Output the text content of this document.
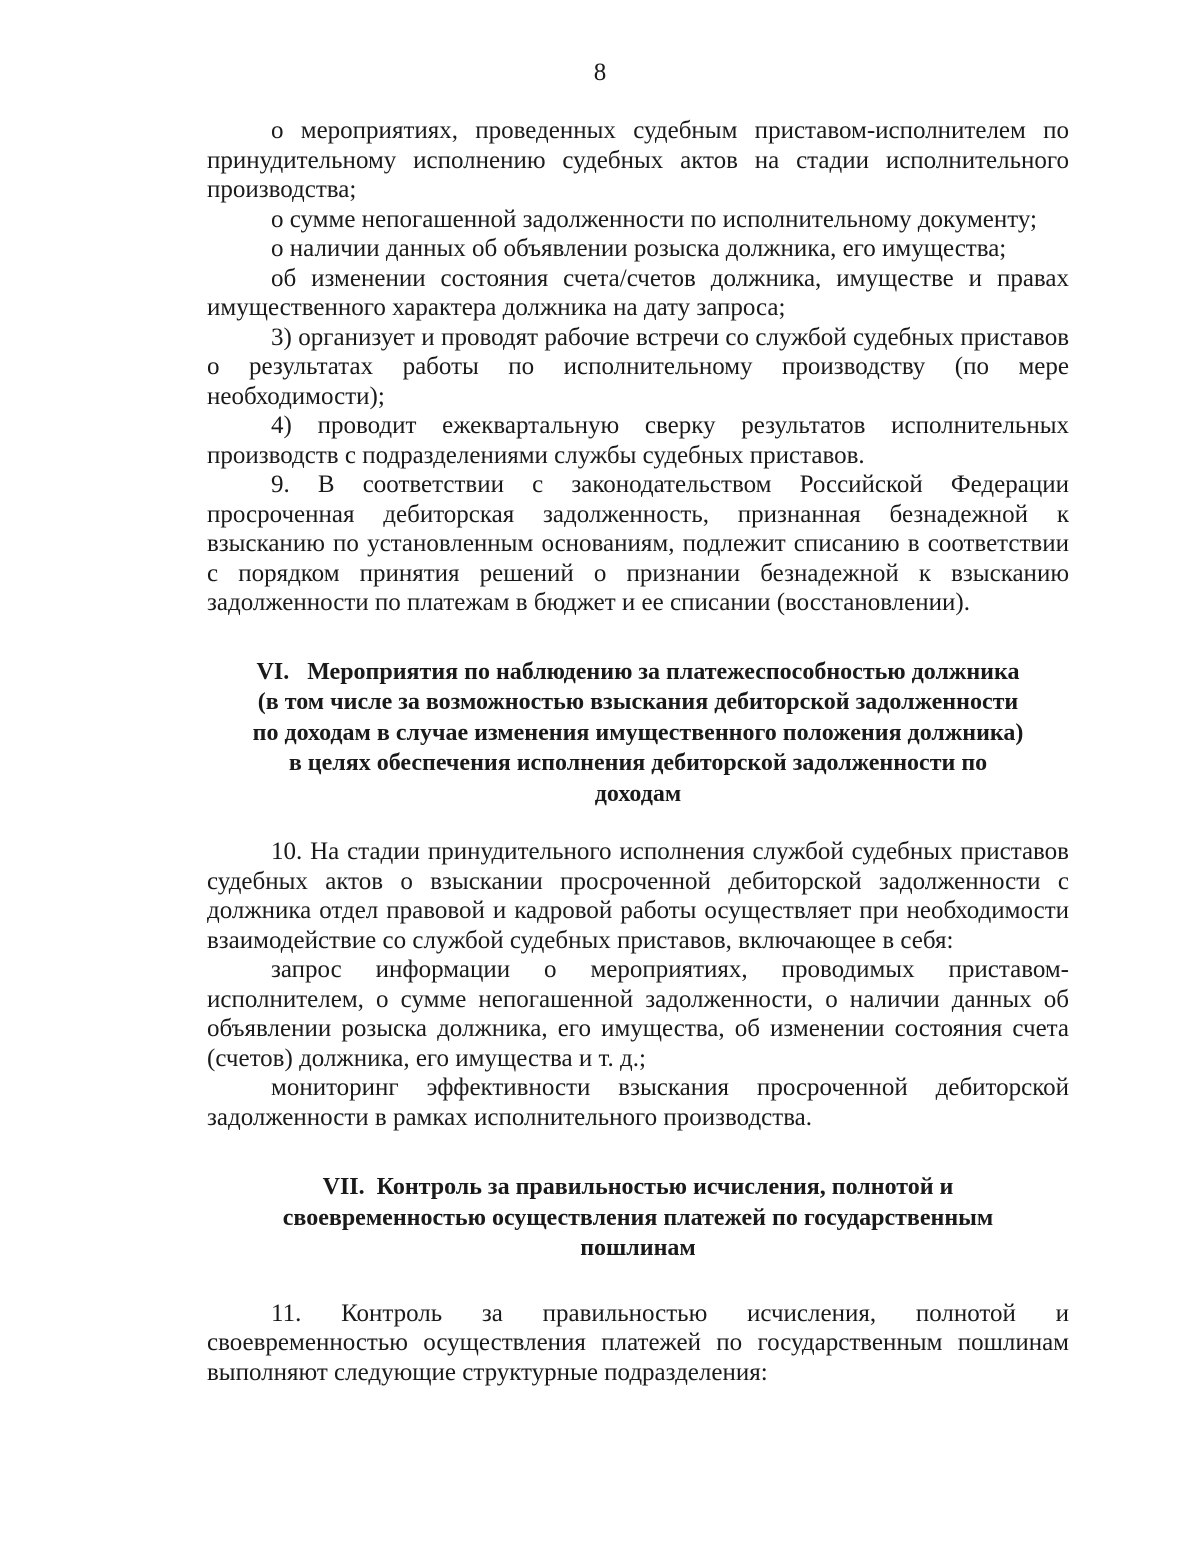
8

о мероприятиях, проведенных судебным приставом-исполнителем по принудительному исполнению судебных актов на стадии исполнительного производства;

о сумме непогашенной задолженности по исполнительному документу;

о наличии данных об объявлении розыска должника, его имущества;

об изменении состояния счета/счетов должника, имуществе и правах имущественного характера должника на дату запроса;

3) организует и проводят рабочие встречи со службой судебных приставов о результатах работы по исполнительному производству (по мере необходимости);

4) проводит ежеквартальную сверку результатов исполнительных производств с подразделениями службы судебных приставов.

9. В соответствии с законодательством Российской Федерации просроченная дебиторская задолженность, признанная безнадежной к взысканию по установленным основаниям, подлежит списанию в соответствии с порядком принятия решений о признании безнадежной к взысканию задолженности по платежам в бюджет и ее списании (восстановлении).

VI.   Мероприятия по наблюдению за платежеспособностью должника (в том числе за возможностью взыскания дебиторской задолженности по доходам в случае изменения имущественного положения должника) в целях обеспечения исполнения дебиторской задолженности по доходам

10. На стадии принудительного исполнения службой судебных приставов судебных актов о взыскании просроченной дебиторской задолженности с должника отдел правовой и кадровой работы осуществляет при необходимости взаимодействие со службой судебных приставов, включающее в себя:

запрос информации о мероприятиях, проводимых приставом-исполнителем, о сумме непогашенной задолженности, о наличии данных об объявлении розыска должника, его имущества, об изменении состояния счета (счетов) должника, его имущества и т. д.;

мониторинг эффективности взыскания просроченной дебиторской задолженности в рамках исполнительного производства.

VII.  Контроль за правильностью исчисления, полнотой и своевременностью осуществления платежей по государственным пошлинам

11. Контроль за правильностью исчисления, полнотой и своевременностью осуществления платежей по государственным пошлинам выполняют следующие структурные подразделения:
